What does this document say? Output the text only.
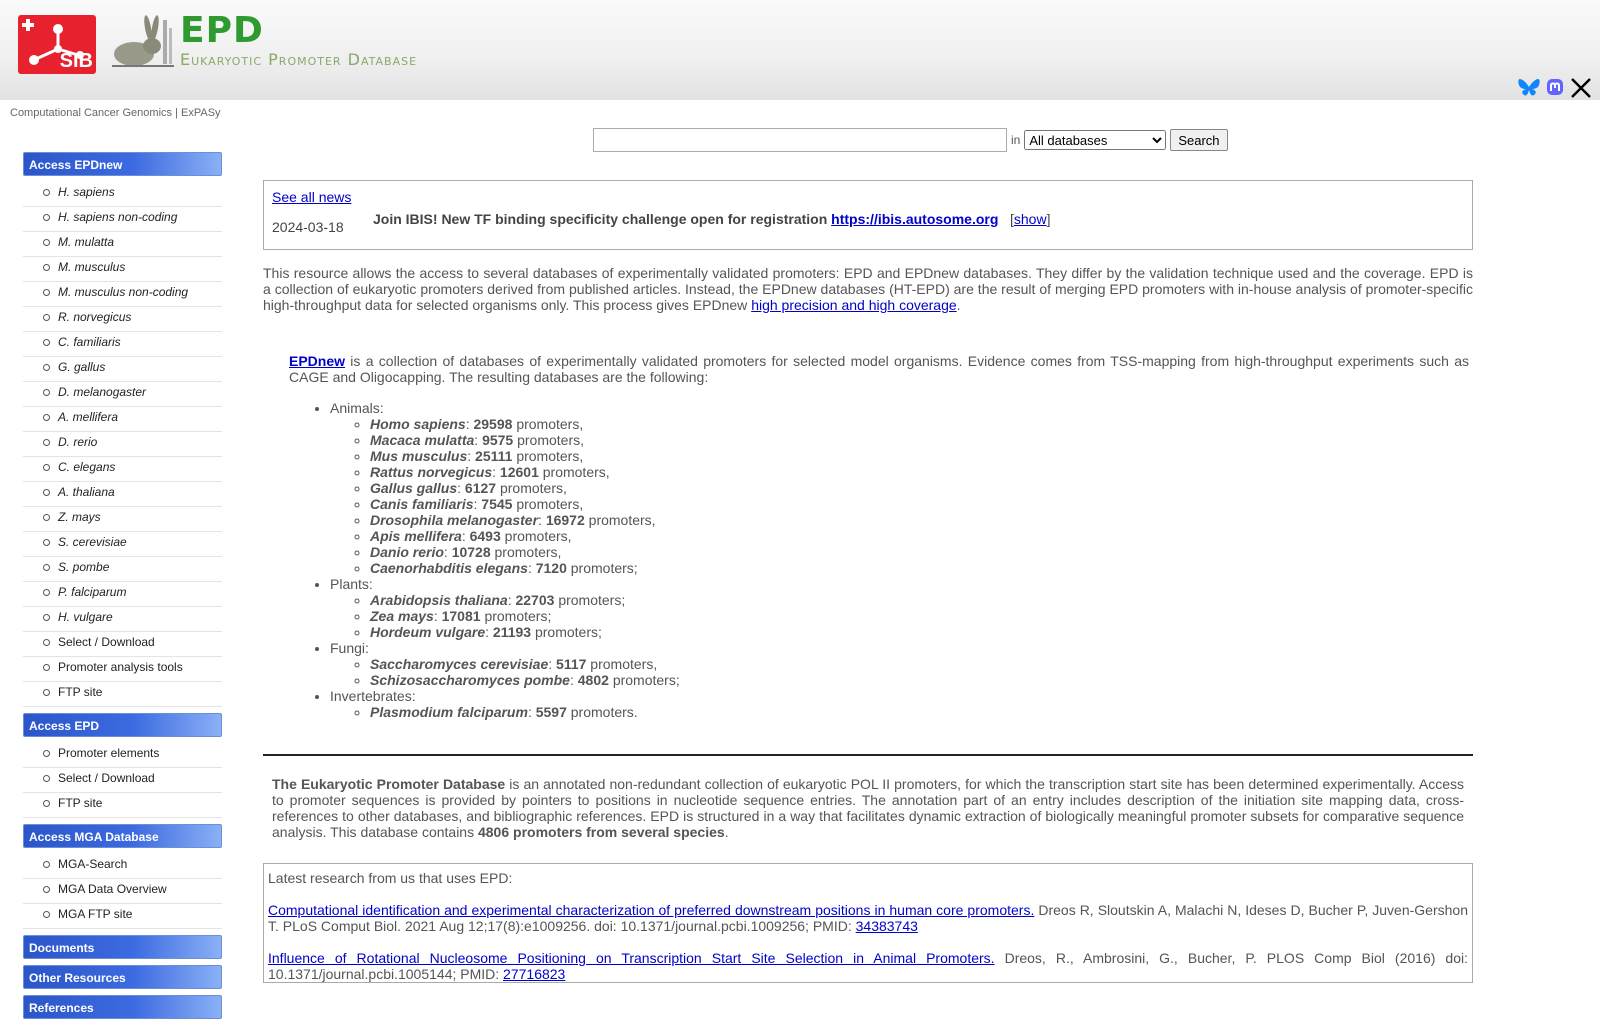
SIB
EPD
Eukaryotic Promoter Database
Computational Cancer Genomics | ExPASy
in
All databases	Search
Access EPDnew
H. sapiens
H. sapiens non-coding
M. mulatta
M. musculus
M. musculus non-coding
R. norvegicus
C. familiaris
G. gallus
D. melanogaster
A. mellifera
D. rerio
C. elegans
A. thaliana
Z. mays
S. cerevisiae
S. pombe
P. falciparum
H. vulgare
Select / Download
Promoter analysis tools
FTP site
Access EPD
Promoter elements
Select / Download
FTP site
Access MGA Database
MGA-Search
MGA Data Overview
MGA FTP site
Documents
Other Resources
References
See all news
2024-03-18 Join IBIS! New TF binding specificity challenge open for registration https://ibis.autosome.org [show]
This resource allows the access to several databases of experimentally validated promoters: EPD and EPDnew databases. They differ by the validation technique used and the coverage. EPD is a collection of eukaryotic promoters derived from published articles. Instead, the EPDnew databases (HT-EPD) are the result of merging EPD promoters with in-house analysis of promoter-specific high-throughput data for selected organisms only. This process gives EPDnew high precision and high coverage.
EPDnew is a collection of databases of experimentally validated promoters for selected model organisms. Evidence comes from TSS-mapping from high-throughput experiments such as CAGE and Oligocapping. The resulting databases are the following:
• Animals:
◦ Homo sapiens: 29598 promoters,
◦ Macaca mulatta: 9575 promoters,
◦ Mus musculus: 25111 promoters,
◦ Rattus norvegicus: 12601 promoters,
◦ Gallus gallus: 6127 promoters,
◦ Canis familiaris: 7545 promoters,
◦ Drosophila melanogaster: 16972 promoters,
◦ Apis mellifera: 6493 promoters,
◦ Danio rerio: 10728 promoters,
◦ Caenorhabditis elegans: 7120 promoters;
• Plants:
◦ Arabidopsis thaliana: 22703 promoters;
◦ Zea mays: 17081 promoters;
◦ Hordeum vulgare: 21193 promoters;
• Fungi:
◦ Saccharomyces cerevisiae: 5117 promoters,
◦ Schizosaccharomyces pombe: 4802 promoters;
• Invertebrates:
◦ Plasmodium falciparum: 5597 promoters.
The Eukaryotic Promoter Database is an annotated non-redundant collection of eukaryotic POL II promoters, for which the transcription start site has been determined experimentally. Access to promoter sequences is provided by pointers to positions in nucleotide sequence entries. The annotation part of an entry includes description of the initiation site mapping data, cross-references to other databases, and bibliographic references. EPD is structured in a way that facilitates dynamic extraction of biologically meaningful promoter subsets for comparative sequence analysis. This database contains 4806 promoters from several species.

Latest research from us that uses EPD:

Computational identification and experimental characterization of preferred downstream positions in human core promoters. Dreos R, Sloutskin A, Malachi N, Ideses D, Bucher P, Juven-Gershon T. PLoS Comput Biol. 2021 Aug 12;17(8):e1009256. doi: 10.1371/journal.pcbi.1009256; PMID: 34383743

Influence of Rotational Nucleosome Positioning on Transcription Start Site Selection in Animal Promoters. Dreos, R., Ambrosini, G., Bucher, P. PLOS Comp Biol (2016) doi: 10.1371/journal.pcbi.1005144; PMID: 27716823
